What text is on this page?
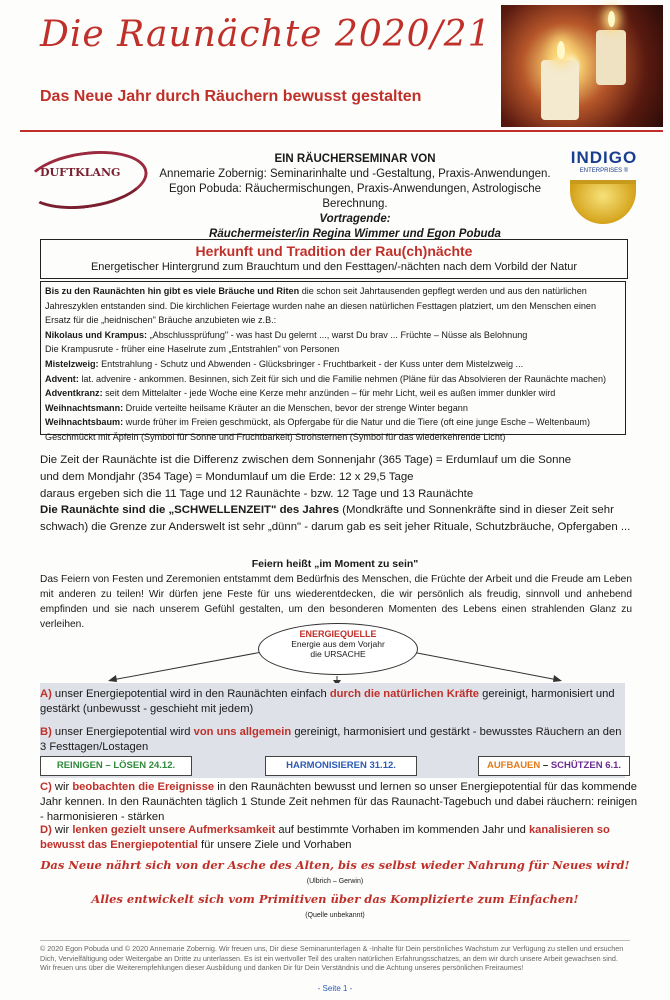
Die Raunächte 2020/21
Das Neue Jahr durch Räuchern bewusst gestalten
DUFTKLANG
INDIGO
ENTERPRISES ®
EIN RÄUCHERSEMINAR VON
Annemarie Zobernig: Seminarinhalte und -Gestaltung, Praxis-Anwendungen.
Egon Pobuda: Räuchermischungen, Praxis-Anwendungen, Astrologische Berechnung.
Vortragende:
Räuchermeister/in Regina Wimmer und Egon Pobuda
Herkunft und Tradition der Rau(ch)nächte
Energetischer Hintergrund zum Brauchtum und den Festtagen/-nächten nach dem Vorbild der Natur

Bis zu den Raunächten hin gibt es viele Bräuche und Riten die schon seit Jahrtausenden gepflegt werden und aus den natürlichen Jahreszyklen entstanden sind. Die kirchlichen Feiertage wurden nahe an diesen natürlichen Festtagen platziert, um den Menschen einen Ersatz für die „heidnischen" Bräuche anzubieten wie z.B.:

Nikolaus und Krampus: „Abschlussprüfung" - was hast Du gelernt ..., warst Du brav ... Früchte – Nüsse als Belohnung

Die Krampusrute - früher eine Haselrute zum „Entstrahlen" von Personen

Mistelzweig: Entstrahlung - Schutz und Abwenden - Glücksbringer - Fruchtbarkeit - der Kuss unter dem Mistelzweig ...

Advent: lat. advenire - ankommen. Besinnen, sich Zeit für sich und die Familie nehmen (Pläne für das Absolvieren der Raunächte machen)

Adventkranz: seit dem Mittelalter - jede Woche eine Kerze mehr anzünden – für mehr Licht, weil es außen immer dunkler wird

Weihnachtsmann: Druide verteilte heilsame Kräuter an die Menschen, bevor der strenge Winter begann

Weihnachtsbaum: wurde früher im Freien geschmückt, als Opfergabe für die Natur und die Tiere (oft eine junge Esche – Weltenbaum)

Geschmückt mit Äpfeln (Symbol für Sonne und Fruchtbarkeit) Strohsternen (Symbol für das wiederkehrende Licht)

Die Zeit der Raunächte ist die Differenz zwischen dem Sonnenjahr (365 Tage) = Erdumlauf um die Sonne

und dem Mondjahr (354 Tage) = Mondumlauf um die Erde: 12 x 29,5 Tage

daraus ergeben sich die 11 Tage und 12 Raunächte - bzw. 12 Tage und 13 Raunächte

Die Raunächte sind die „SCHWELLENZEIT" des Jahres (Mondkräfte und Sonnenkräfte sind in dieser Zeit sehr schwach) die Grenze zur Anderswelt ist sehr „dünn" - darum gab es seit jeher Rituale, Schutzbräuche, Opfergaben ...

Feiern heißt „im Moment zu sein"
Das Feiern von Festen und Zeremonien entstammt dem Bedürfnis des Menschen, die Früchte der Arbeit und die Freude am Leben mit anderen zu teilen! Wir dürfen jene Feste für uns wiederentdecken, die wir persönlich als freudig, sinnvoll und anhebend empfinden und sie nach unserem Gefühl gestalten, um den besonderen Momenten des Lebens einen strahlenden Glanz zu verleihen.
ENERGIEQUELLE
Energie aus dem Vorjahr
die URSACHE
A) unser Energiepotential wird in den Raunächten einfach durch die natürlichen Kräfte gereinigt, harmonisiert und gestärkt (unbewusst - geschieht mit jedem)
B) unser Energiepotential wird von uns allgemein gereinigt, harmonisiert und gestärkt - bewusstes Räuchern an den 3 Festtagen/Lostagen
REINIGEN – LÖSEN 24.12.	HARMONISIEREN 31.12.	AUFBAUEN – SCHÜTZEN 6.1.
C) wir beobachten die Ereignisse in den Raunächten bewusst und lernen so unser Energiepotential für das kommende Jahr kennen. In den Raunächten täglich 1 Stunde Zeit nehmen für das Raunacht-Tagebuch und dabei räuchern: reinigen - harmonisieren - stärken
D) wir lenken gezielt unsere Aufmerksamkeit auf bestimmte Vorhaben im kommenden Jahr und kanalisieren so bewusst das Energiepotential für unsere Ziele und Vorhaben
Das Neue nährt sich von der Asche des Alten, bis es selbst wieder Nahrung für Neues wird!
(Ulbrich – Gerwin)
Alles entwickelt sich vom Primitiven über das Komplizierte zum Einfachen!
(Quelle unbekannt)
© 2020 Egon Pobuda und © 2020 Annemarie Zobernig. Wir freuen uns, Dir diese Seminarunterlagen & -Inhalte für Dein persönliches Wachstum zur Verfügung zu stellen und ersuchen Dich, Vervielfältigung oder Weitergabe an Dritte zu unterlassen. Es ist ein wertvoller Teil des uralten natürlichen Erfahrungsschatzes, an dem wir durch unsere Arbeit gewachsen sind. Wir freuen uns über die Weiterempfehlungen dieser Ausbildung und danken Dir für Dein Verständnis und die Achtung unseres persönlichen Freiraumes!
- Seite 1 -
